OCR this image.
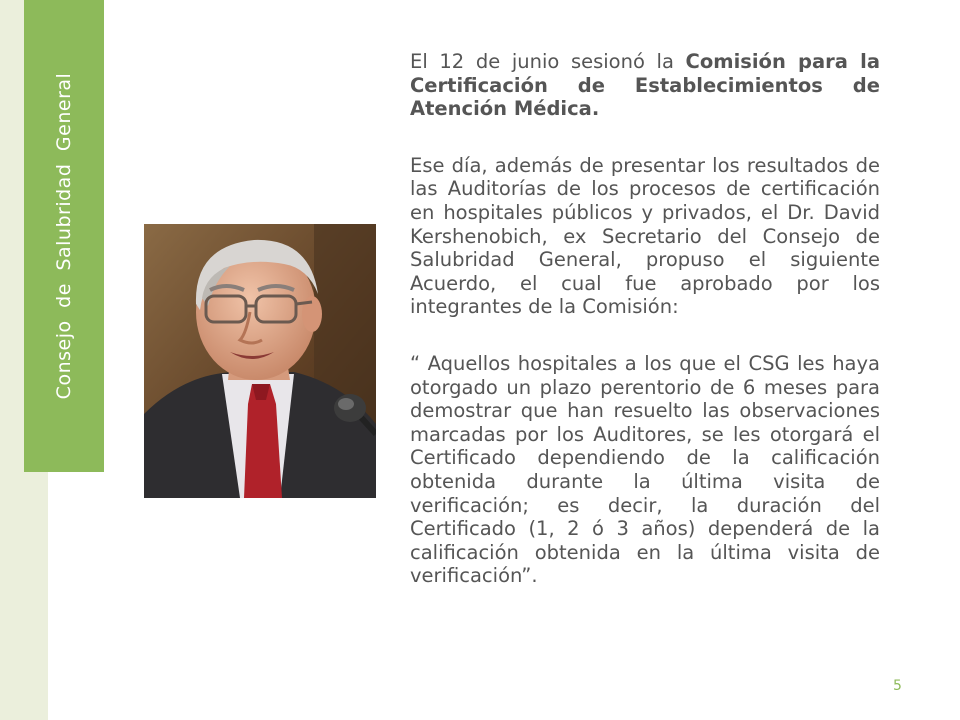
Consejo de Salubridad General

El 12 de junio sesionó la Comisión para la Certificación de Establecimientos de Atención Médica.

Ese día, además de presentar los resultados de las Auditorías de los procesos de certificación en hospitales públicos y privados, el Dr. David Kershenobich, ex Secretario del Consejo de Salubridad General, propuso el siguiente Acuerdo, el cual fue aprobado por los integrantes de la Comisión:

“ Aquellos hospitales a los que el CSG les haya otorgado un plazo perentorio de 6 meses para demostrar que han resuelto las observaciones marcadas por los Auditores, se les otorgará el Certificado dependiendo de la calificación obtenida durante la última visita de verificación; es decir, la duración del Certificado (1, 2 ó 3 años) dependerá de la calificación obtenida en la última visita de verificación”.

5
